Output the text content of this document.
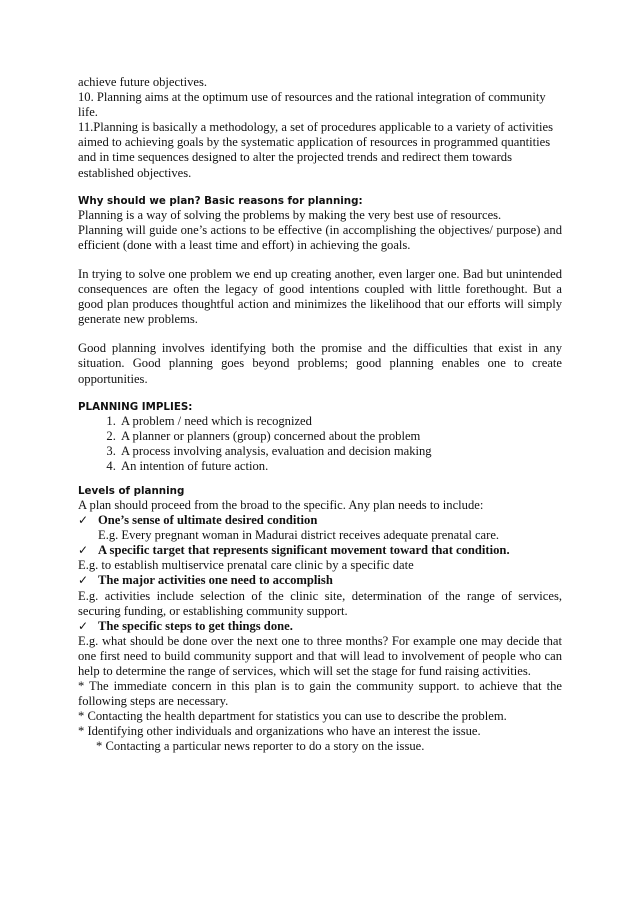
achieve future objectives.

10. Planning aims at the optimum use of resources and the rational integration of community life.

11.Planning is basically a methodology, a set of procedures applicable to a variety of activities aimed to achieving goals by the systematic application of resources in programmed quantities and in time sequences designed to alter the projected trends and redirect them towards established objectives.

Why should we plan? Basic reasons for planning:

Planning is a way of solving the problems by making the very best use of resources.

Planning will guide one’s actions to be effective (in accomplishing the objectives/ purpose) and efficient (done with a least time and effort) in achieving the goals.

In trying to solve one problem we end up creating another, even larger one. Bad but unintended consequences are often the legacy of good intentions coupled with little forethought. But a good plan produces thoughtful action and minimizes the likelihood that our efforts will simply generate new problems.

Good planning involves identifying both the promise and the difficulties that exist in any situation. Good planning goes beyond problems; good planning enables one to create opportunities.

PLANNING IMPLIES:

1. A problem / need which is recognized
2. A planner or planners (group) concerned about the problem
3. A process involving analysis, evaluation and decision making
4. An intention of future action.

Levels of planning

A plan should proceed from the broad to the specific. Any plan needs to include:

✓ One’s sense of ultimate desired condition

E.g. Every pregnant woman in Madurai district receives adequate prenatal care.

✓ A specific target that represents significant movement toward that condition.

E.g. to establish multiservice prenatal care clinic by a specific date

✓ The major activities one need to accomplish

E.g. activities include selection of the clinic site, determination of the range of services, securing funding, or establishing community support.

✓ The specific steps to get things done.

E.g. what should be done over the next one to three months? For example one may decide that one first need to build community support and that will lead to involvement of people who can help to determine the range of services, which will set the stage for fund raising activities.

* The immediate concern in this plan is to gain the community support. to achieve that the following steps are necessary.

* Contacting the health department for statistics you can use to describe the problem.

* Identifying other individuals and organizations who have an interest the issue.

* Contacting a particular news reporter to do a story on the issue.
